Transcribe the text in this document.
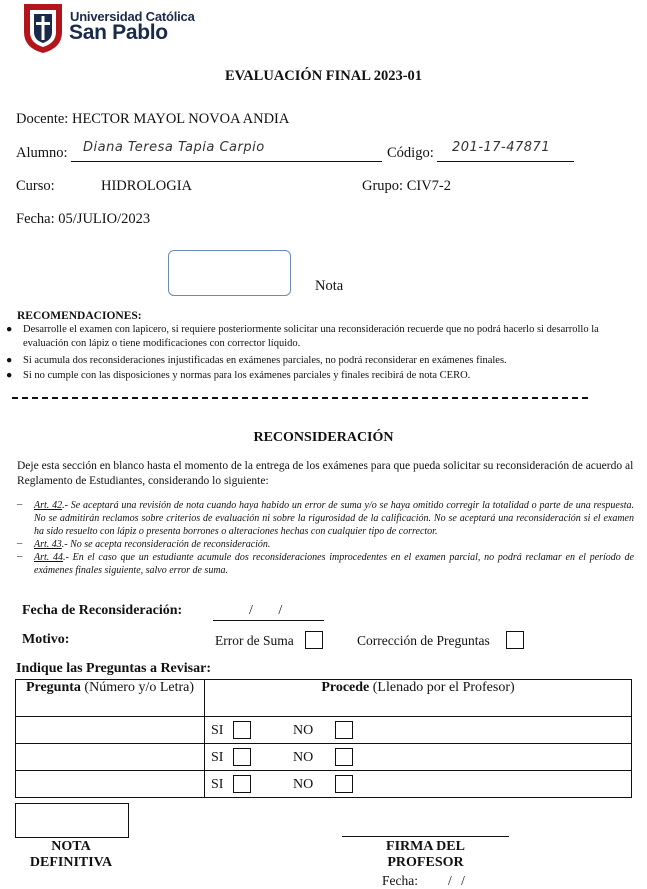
Universidad Católica
San Pablo
EVALUACIÓN FINAL 2023-01
Docente: HECTOR MAYOL NOVOA ANDIA
Alumno: Diana Teresa Tapia Carpio	Código: 201-17-47871
Curso:	HIDROLOGIA	Grupo: CIV7-2
Fecha: 05/JULIO/2023
Nota
RECOMENDACIONES:
● Desarrolle el examen con lapicero, si requiere posteriormente solicitar una reconsideración recuerde que no podrá hacerlo si desarrollo la evaluación con lápiz o tiene modificaciones con corrector líquido.
● Si acumula dos reconsideraciones injustificadas en exámenes parciales, no podrá reconsiderar en exámenes finales.
● Si no cumple con las disposiciones y normas para los exámenes parciales y finales recibirá de nota CERO.
RECONSIDERACIÓN
Deje esta sección en blanco hasta el momento de la entrega de los exámenes para que pueda solicitar su reconsideración de acuerdo al Reglamento de Estudiantes, considerando lo siguiente:
– Art. 42.- Se aceptará una revisión de nota cuando haya habido un error de suma y/o se haya omitido corregir la totalidad o parte de una respuesta. No se admitirán reclamos sobre criterios de evaluación ni sobre la rigurosidad de la calificación. No se aceptará una reconsideración si el examen ha sido resuelto con lápiz o presenta borrones o alteraciones hechas con cualquier tipo de corrector.
– Art. 43.- No se acepta reconsideración de reconsideración.
– Art. 44.- En el caso que un estudiante acumule dos reconsideraciones improcedentes en el examen parcial, no podrá reclamar en el período de exámenes finales siguiente, salvo error de suma.
Fecha de Reconsideración:	/ /
Motivo:	Error de Suma	Corrección de Preguntas
Indique las Preguntas a Revisar:
Pregunta (Número y/o Letra)	Procede (Llenado por el Profesor)

	SI NO

	SI NO

	SI NO
NOTA
DEFINITIVA
FIRMA DEL
PROFESOR
Fecha: / /
